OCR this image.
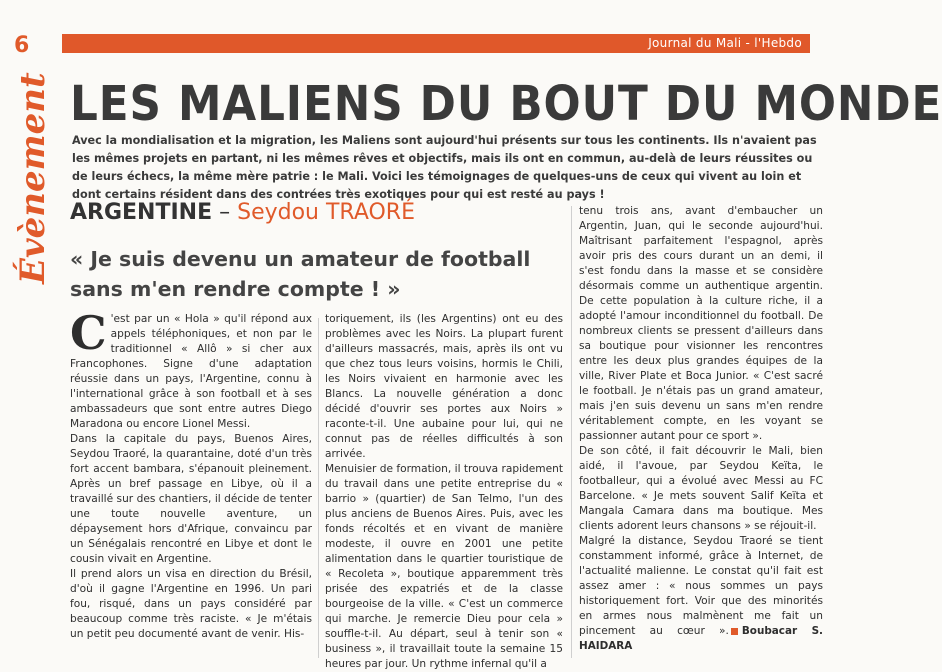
6	Journal du Mali - l'Hebdo
Évènement LES MALIENS DU BOUT DU MONDE

Avec la mondialisation et la migration, les Maliens sont aujourd'hui présents sur tous les continents. Ils n'avaient pas les mêmes projets en partant, ni les mêmes rêves et objectifs, mais ils ont en commun, au-delà de leurs réussites ou de leurs échecs, la même mère patrie : le Mali. Voici les témoignages de quelques-uns de ceux qui vivent au loin et dont certains résident dans des contrées très exotiques pour qui est resté au pays !

ARGENTINE – Seydou TRAORÉ

« Je suis devenu un amateur de football sans m'en rendre compte ! »

C 'est par un « Hola » qu'il répond aux appels téléphoniques, et non par le traditionnel « Allô » si cher aux Francophones. Signe d'une adaptation réussie dans un pays, l'Argentine, connu à l'international grâce à son football et à ses ambassadeurs que sont entre autres Diego Maradona ou encore Lionel Messi.

Dans la capitale du pays, Buenos Aires, Seydou Traoré, la quarantaine, doté d'un très fort accent bambara, s'épanouit pleinement. Après un bref passage en Libye, où il a travaillé sur des chantiers, il décide de tenter une toute nouvelle aventure, un dépaysement hors d'Afrique, convaincu par un Sénégalais rencontré en Libye et dont le cousin vivait en Argentine.

Il prend alors un visa en direction du Brésil, d'où il gagne l'Argentine en 1996. Un pari fou, risqué, dans un pays considéré par beaucoup comme très raciste. « Je m'étais un petit peu documenté avant de venir. His-

toriquement, ils (les Argentins) ont eu des problèmes avec les Noirs. La plupart furent d'ailleurs massacrés, mais, après ils ont vu que chez tous leurs voisins, hormis le Chili, les Noirs vivaient en harmonie avec les Blancs. La nouvelle génération a donc décidé d'ouvrir ses portes aux Noirs » raconte-t-il. Une aubaine pour lui, qui ne connut pas de réelles difficultés à son arrivée.

Menuisier de formation, il trouva rapidement du travail dans une petite entreprise du « barrio » (quartier) de San Telmo, l'un des plus anciens de Buenos Aires. Puis, avec les fonds récoltés et en vivant de manière modeste, il ouvre en 2001 une petite alimentation dans le quartier touristique de « Recoleta », boutique apparemment très prisée des expatriés et de la classe bourgeoise de la ville. « C'est un commerce qui marche. Je remercie Dieu pour cela » souffle-t-il. Au départ, seul à tenir son « business », il travaillait toute la semaine 15 heures par jour. Un rythme infernal qu'il a

tenu trois ans, avant d'embaucher un Argentin, Juan, qui le seconde aujourd'hui. Maîtrisant parfaitement l'espagnol, après avoir pris des cours durant un an demi, il s'est fondu dans la masse et se considère désormais comme un authentique argentin. De cette population à la culture riche, il a adopté l'amour inconditionnel du football. De nombreux clients se pressent d'ailleurs dans sa boutique pour visionner les rencontres entre les deux plus grandes équipes de la ville, River Plate et Boca Junior. « C'est sacré le football. Je n'étais pas un grand amateur, mais j'en suis devenu un sans m'en rendre véritablement compte, en les voyant se passionner autant pour ce sport ».

De son côté, il fait découvrir le Mali, bien aidé, il l'avoue, par Seydou Keïta, le footballeur, qui a évolué avec Messi au FC Barcelone. « Je mets souvent Salif Keïta et Mangala Camara dans ma boutique. Mes clients adorent leurs chansons » se réjouit-il.

Malgré la distance, Seydou Traoré se tient constamment informé, grâce à Internet, de l'actualité malienne. Le constat qu'il fait est assez amer : « nous sommes un pays historiquement fort. Voir que des minorités en armes nous malmènent me fait un pincement au cœur ». Boubacar S. HAIDARA
